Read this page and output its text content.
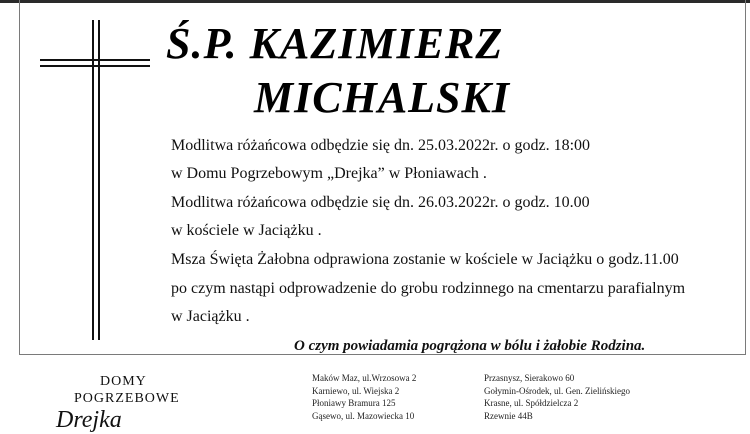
Ś.P. KAZIMIERZ
MICHALSKI
Modlitwa różańcowa odbędzie się dn. 25.03.2022r. o godz. 18:00
w Domu Pogrzebowym „Drejka” w Płoniawach .
Modlitwa różańcowa odbędzie się dn. 26.03.2022r. o godz. 10.00
w kościele w Jaciążku .
Msza Święta Żałobna odprawiona zostanie w kościele w Jaciążku o godz.11.00
po czym nastąpi odprowadzenie do grobu rodzinnego na cmentarzu parafialnym
w Jaciążku .
O czym powiadamia pogrążona w bólu i żałobie Rodzina.
DOMY
POGRZEBOWE
Drejka
Maków Maz, ul.Wrzosowa 2
Karniewo, ul. Wiejska 2
Płoniawy Bramura 125
Gąsewo, ul. Mazowiecka 10
Przasnysz, Sierakowo 60
Gołymin-Ośrodek, ul. Gen. Zielińskiego
Krasne, ul. Spółdzielcza 2
Rzewnie 44B
